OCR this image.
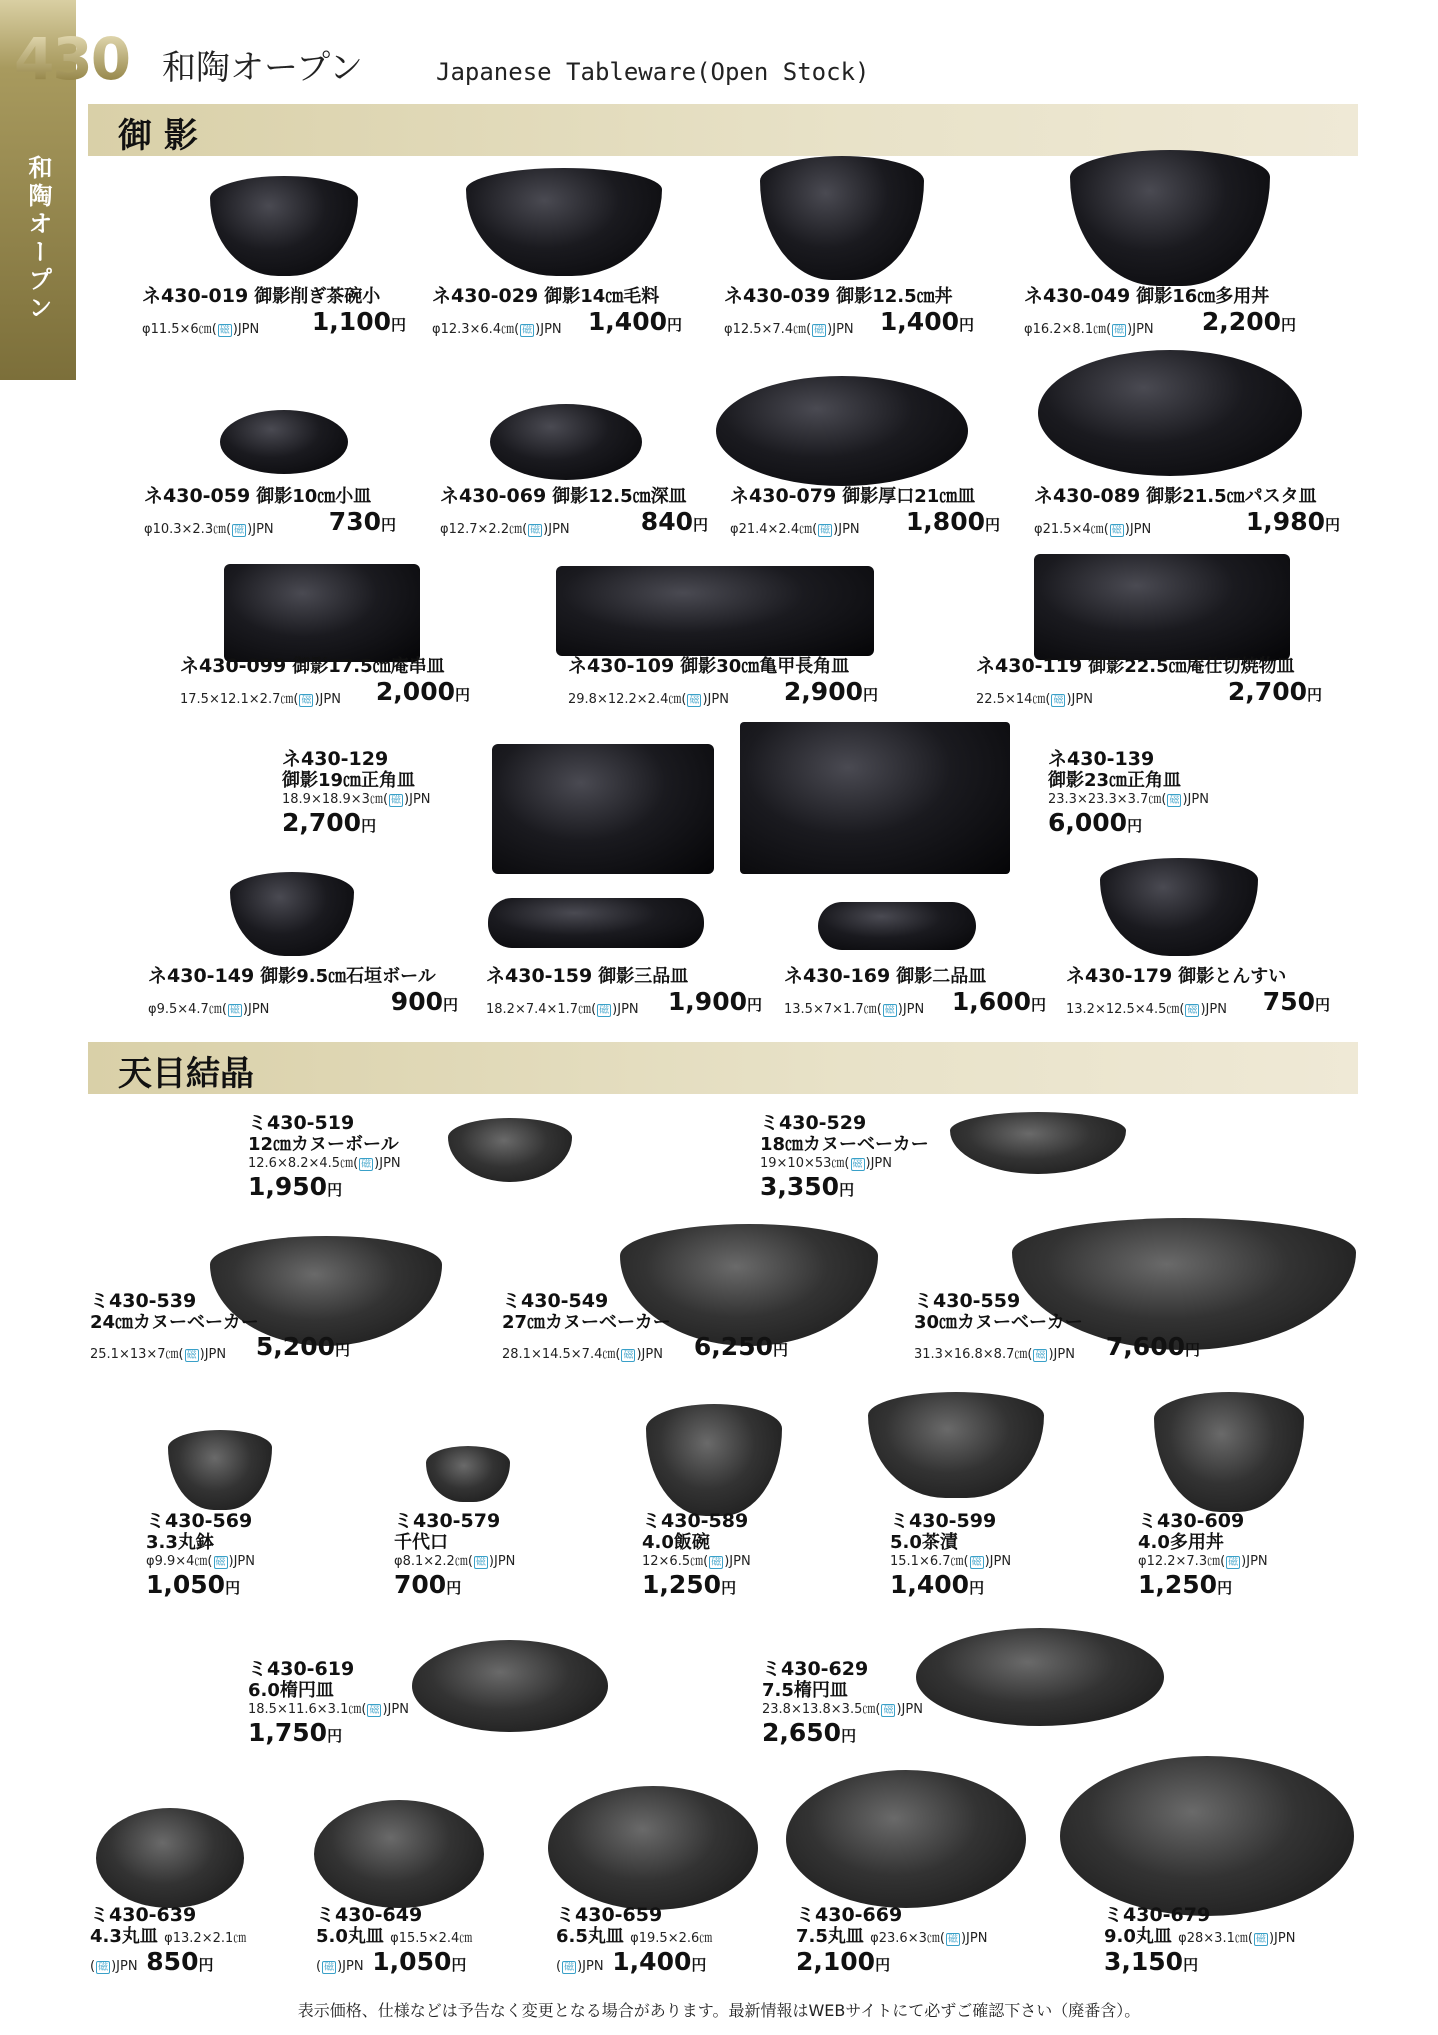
430
和陶オープン
和陶オープン	Japanese Tableware(Open Stock)
御 影
ネ430-019 御影削ぎ茶碗小
φ11.5×6㎝( 磁 )JPN 1,100円
ネ430-029 御影14㎝毛料
φ12.3×6.4㎝( 磁 )JPN 1,400円
ネ430-039 御影12.5㎝丼
φ12.5×7.4㎝( 磁 )JPN 1,400円
ネ430-049 御影16㎝多用丼
φ16.2×8.1㎝( 磁 )JPN 2,200円
ネ430-059 御影10㎝小皿
φ10.3×2.3㎝( 磁 )JPN 730円
ネ430-069 御影12.5㎝深皿
φ12.7×2.2㎝( 磁 )JPN	840円
ネ430-079 御影厚口21㎝皿
φ21.4×2.4㎝( 磁 )JPN 1,800円
ネ430-089 御影21.5㎝パスタ皿
φ21.5×4㎝( 磁 )JPN	1,980円
ネ430-099 御影17.5㎝庵串皿
17.5×12.1×2.7㎝( 磁 )JPN 2,000円
ネ430-109 御影30㎝亀甲長角皿
29.8×12.2×2.4㎝( 磁 )JPN 2,900円
ネ430-119 御影22.5㎝庵仕切焼物皿
22.5×14㎝( 磁 )JPN	2,700円
ネ430-129
御影19㎝正角皿
18.9×18.9×3㎝( 磁 )JPN
2,700円
ネ430-139
御影23㎝正角皿
23.3×23.3×3.7㎝( 磁 )JPN
6,000円
ネ430-149 御影9.5㎝石垣ボール
φ9.5×4.7㎝( 磁 )JPN	900円
ネ430-159 御影三品皿
18.2×7.4×1.7㎝( 磁 )JPN 1,900円
ネ430-169 御影二品皿
13.5×7×1.7㎝( 磁 )JPN 1,600円
ネ430-179 御影とんすい
13.2×12.5×4.5㎝( 磁 )JPN 750円
天目結晶
ミ430-519
12㎝カヌーボール
12.6×8.2×4.5㎝( 磁 )JPN
1,950円
ミ430-529
18㎝カヌーベーカー
19×10×53㎝( 磁 )JPN
3,350円
ミ430-539
24㎝カヌーベーカー
25.1×13×7㎝( 磁 )JPN 5,200円
ミ430-549
27㎝カヌーベーカー
28.1×14.5×7.4㎝( 磁 )JPN 6,250円
ミ430-559
30㎝カヌーベーカー
31.3×16.8×8.7㎝( 磁 )JPN 7,600円
ミ430-569
3.3丸鉢
φ9.9×4㎝( 磁 )JPN
1,050円
ミ430-579
千代口
φ8.1×2.2㎝( 磁 )JPN
700円
ミ430-589
4.0飯碗
12×6.5㎝( 磁 )JPN
1,250円
ミ430-599
5.0茶漬
15.1×6.7㎝( 磁 )JPN
1,400円
ミ430-609
4.0多用丼
φ12.2×7.3㎝( 磁 )JPN
1,250円
ミ430-619
6.0楕円皿
18.5×11.6×3.1㎝( 磁 )JPN
1,750円
ミ430-629
7.5楕円皿
23.8×13.8×3.5㎝( 磁 )JPN
2,650円
ミ430-639
4.3丸皿 φ13.2×2.1㎝
( 磁 )JPN 850円
ミ430-649
5.0丸皿 φ15.5×2.4㎝
( 磁 )JPN 1,050円
ミ430-659
6.5丸皿 φ19.5×2.6㎝
( 磁 )JPN 1,400円
ミ430-669
7.5丸皿 φ23.6×3㎝( 磁 )JPN
2,100円
ミ430-679
9.0丸皿 φ28×3.1㎝( 磁 )JPN
3,150円
表示価格、仕様などは予告なく変更となる場合があります。最新情報はWEBサイトにて必ずご確認下さい（廃番含）。
